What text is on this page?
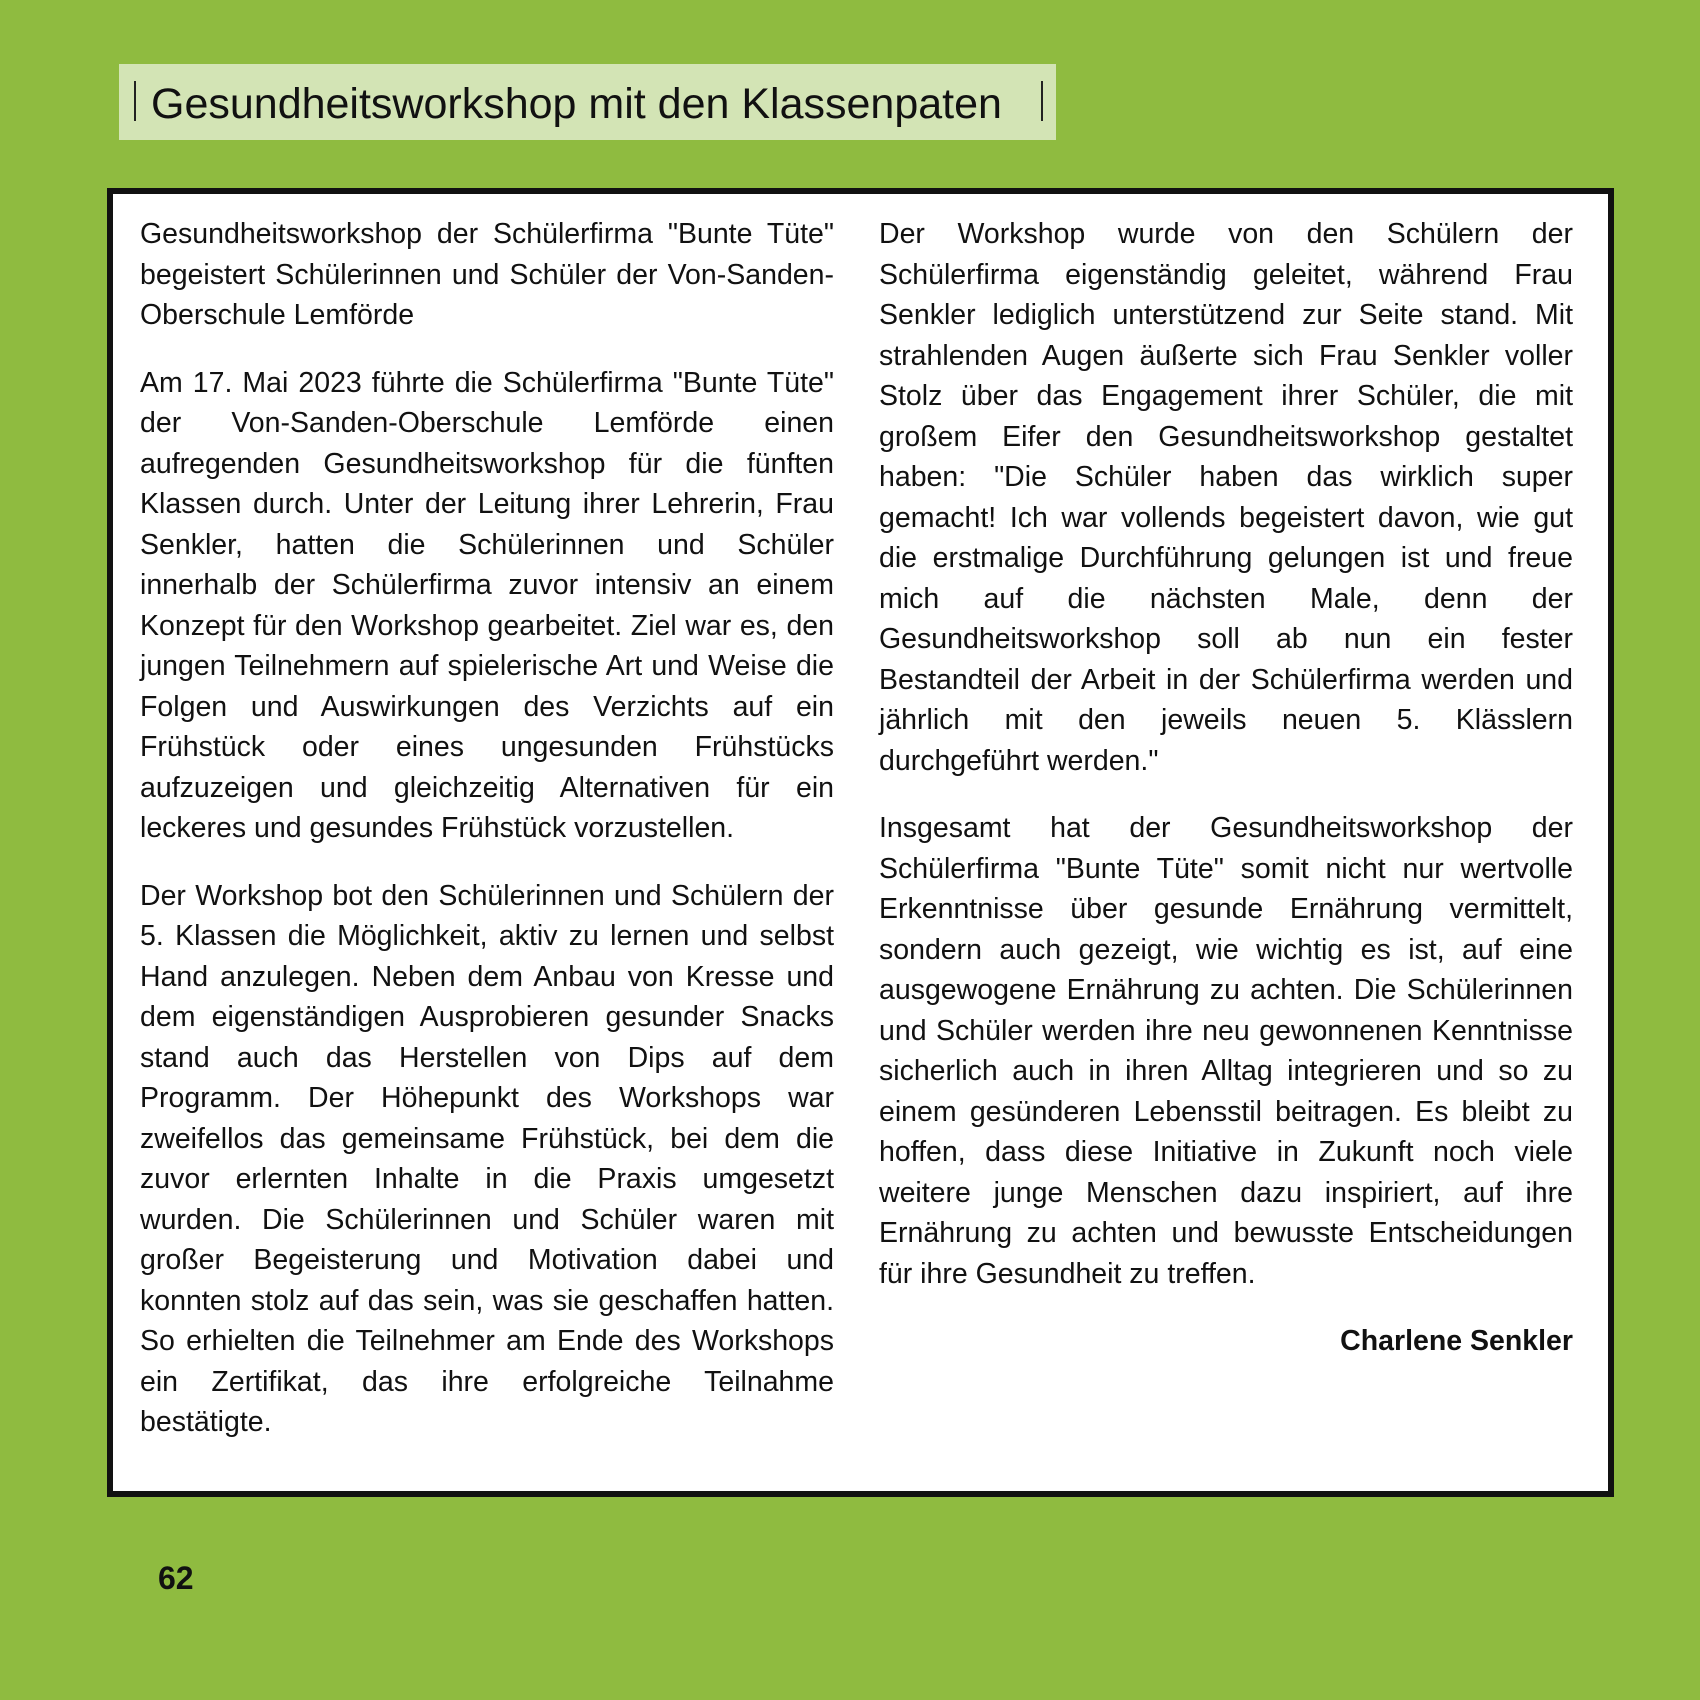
Gesundheitsworkshop mit den Klassenpaten

Gesundheitsworkshop der Schülerfirma "Bunte Tüte" begeistert Schülerinnen und Schüler der Von-Sanden-Oberschule Lemförde

Am 17. Mai 2023 führte die Schülerfirma "Bunte Tüte" der Von-Sanden-Oberschule Lemförde einen aufregenden Gesundheitsworkshop für die fünften Klassen durch. Unter der Leitung ihrer Lehrerin, Frau Senkler, hatten die Schülerinnen und Schüler innerhalb der Schülerfirma zuvor intensiv an einem Konzept für den Workshop gearbeitet. Ziel war es, den jungen Teilnehmern auf spielerische Art und Weise die Folgen und Auswirkungen des Verzichts auf ein Frühstück oder eines ungesunden Frühstücks aufzuzeigen und gleichzeitig Alternativen für ein leckeres und gesundes Frühstück vorzustellen.

Der Workshop bot den Schülerinnen und Schülern der 5. Klassen die Möglichkeit, aktiv zu lernen und selbst Hand anzulegen. Neben dem Anbau von Kresse und dem eigenständigen Ausprobieren gesunder Snacks stand auch das Herstellen von Dips auf dem Programm. Der Höhepunkt des Workshops war zweifellos das gemeinsame Frühstück, bei dem die zuvor erlernten Inhalte in die Praxis umgesetzt wurden. Die Schülerinnen und Schüler waren mit großer Begeisterung und Motivation dabei und konnten stolz auf das sein, was sie geschaffen hatten. So erhielten die Teilnehmer am Ende des Workshops ein Zertifikat, das ihre erfolgreiche Teilnahme bestätigte.

Der Workshop wurde von den Schülern der Schülerfirma eigenständig geleitet, während Frau Senkler lediglich unterstützend zur Seite stand. Mit strahlenden Augen äußerte sich Frau Senkler voller Stolz über das Engagement ihrer Schüler, die mit großem Eifer den Gesundheitsworkshop gestaltet haben: "Die Schüler haben das wirklich super gemacht! Ich war vollends begeistert davon, wie gut die erstmalige Durchführung gelungen ist und freue mich auf die nächsten Male, denn der Gesundheitsworkshop soll ab nun ein fester Bestandteil der Arbeit in der Schülerfirma werden und jährlich mit den jeweils neuen 5. Klässlern durchgeführt werden."

Insgesamt hat der Gesundheitsworkshop der Schülerfirma "Bunte Tüte" somit nicht nur wertvolle Erkenntnisse über gesunde Ernährung vermittelt, sondern auch gezeigt, wie wichtig es ist, auf eine ausgewogene Ernährung zu achten. Die Schülerinnen und Schüler werden ihre neu gewonnenen Kenntnisse sicherlich auch in ihren Alltag integrieren und so zu einem gesünderen Lebensstil beitragen. Es bleibt zu hoffen, dass diese Initiative in Zukunft noch viele weitere junge Menschen dazu inspiriert, auf ihre Ernährung zu achten und bewusste Entscheidungen für ihre Gesundheit zu treffen.

Charlene Senkler

62
